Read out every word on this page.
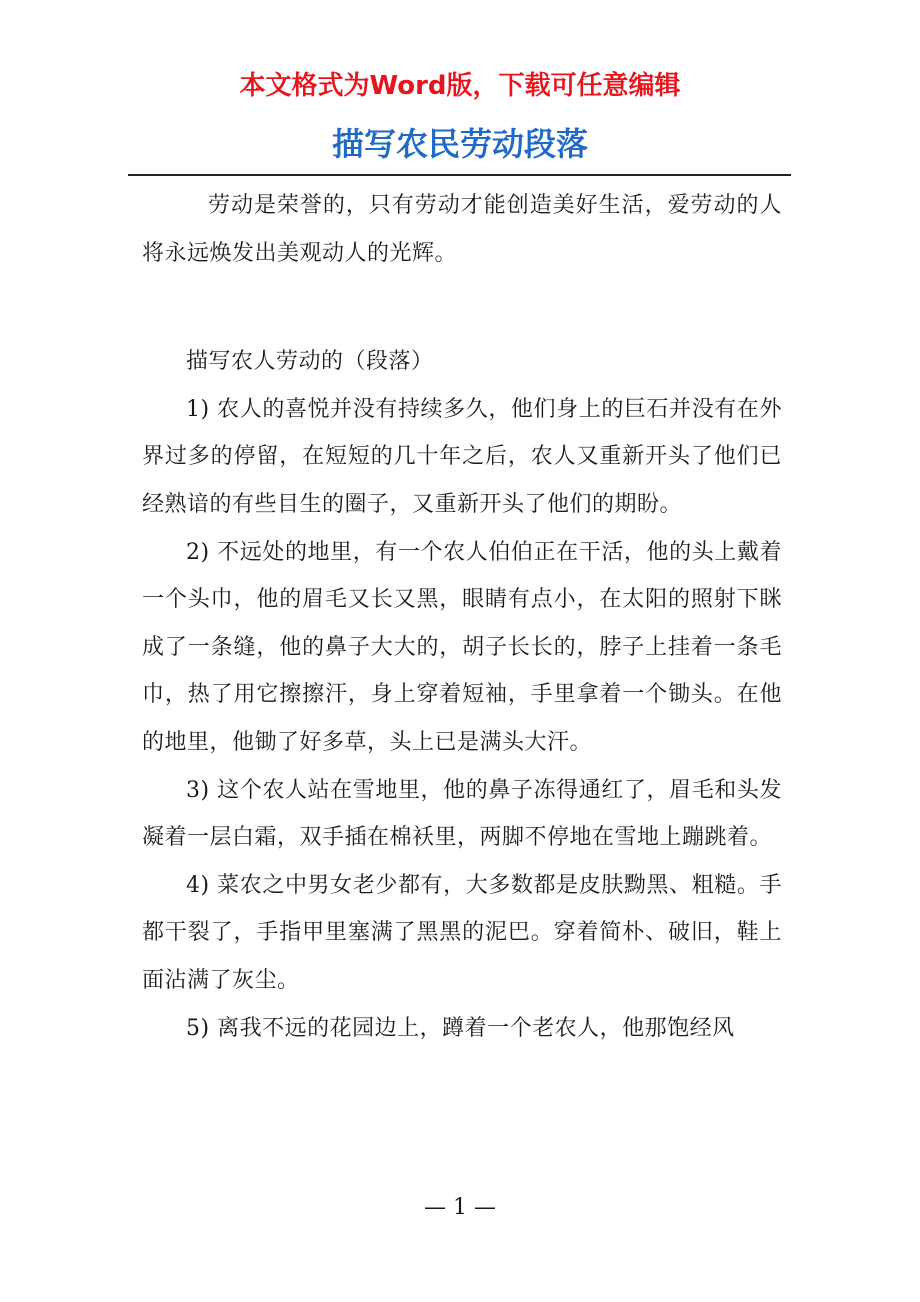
本文格式为Word版，下载可任意编辑
描写农民劳动段落

劳动是荣誉的，只有劳动才能创造美好生活，爱劳动的人将永远焕发出美观动人的光辉。

描写农人劳动的（段落）

1) 农人的喜悦并没有持续多久，他们身上的巨石并没有在外界过多的停留，在短短的几十年之后，农人又重新开头了他们已经熟谙的有些目生的圈子，又重新开头了他们的期盼。

2) 不远处的地里，有一个农人伯伯正在干活，他的头上戴着一个头巾，他的眉毛又长又黑，眼睛有点小，在太阳的照射下眯成了一条缝，他的鼻子大大的，胡子长长的，脖子上挂着一条毛巾，热了用它擦擦汗，身上穿着短袖，手里拿着一个锄头。在他的地里，他锄了好多草，头上已是满头大汗。

3) 这个农人站在雪地里，他的鼻子冻得通红了，眉毛和头发凝着一层白霜，双手插在棉袄里，两脚不停地在雪地上蹦跳着。

4) 菜农之中男女老少都有，大多数都是皮肤黝黑、粗糙。手都干裂了，手指甲里塞满了黑黑的泥巴。穿着简朴、破旧，鞋上面沾满了灰尘。

5) 离我不远的花园边上，蹲着一个老农人，他那饱经风

— 1 —
